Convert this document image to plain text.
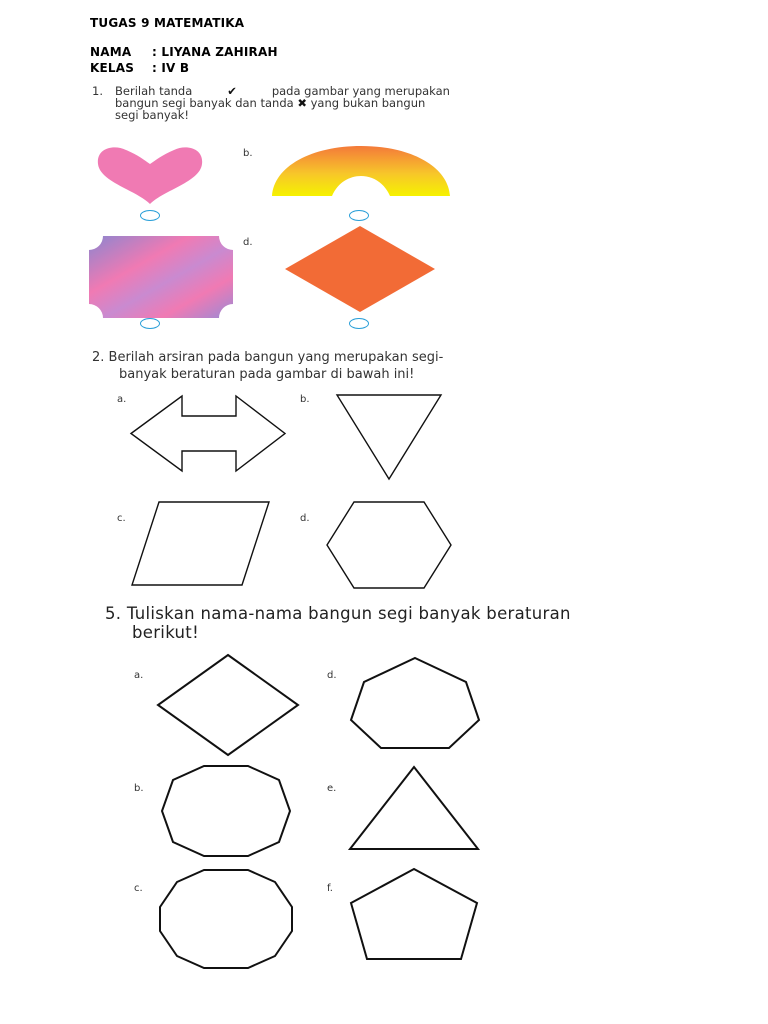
TUGAS 9 MATEMATIKA
NAMA : LIYANA ZAHIRAH
KELAS : IV B
1. Berilah tanda	✔	pada gambar yang merupakan
bangun segi banyak dan tanda ✖ yang bukan bangun
segi banyak!
b.
d.
2. Berilah arsiran pada bangun yang merupakan segi-
banyak beraturan pada gambar di bawah ini!
a.	b.
c.	d.
5. Tuliskan nama-nama bangun segi banyak beraturan
berikut!
a.
b.
c.
d.
e.
f.
